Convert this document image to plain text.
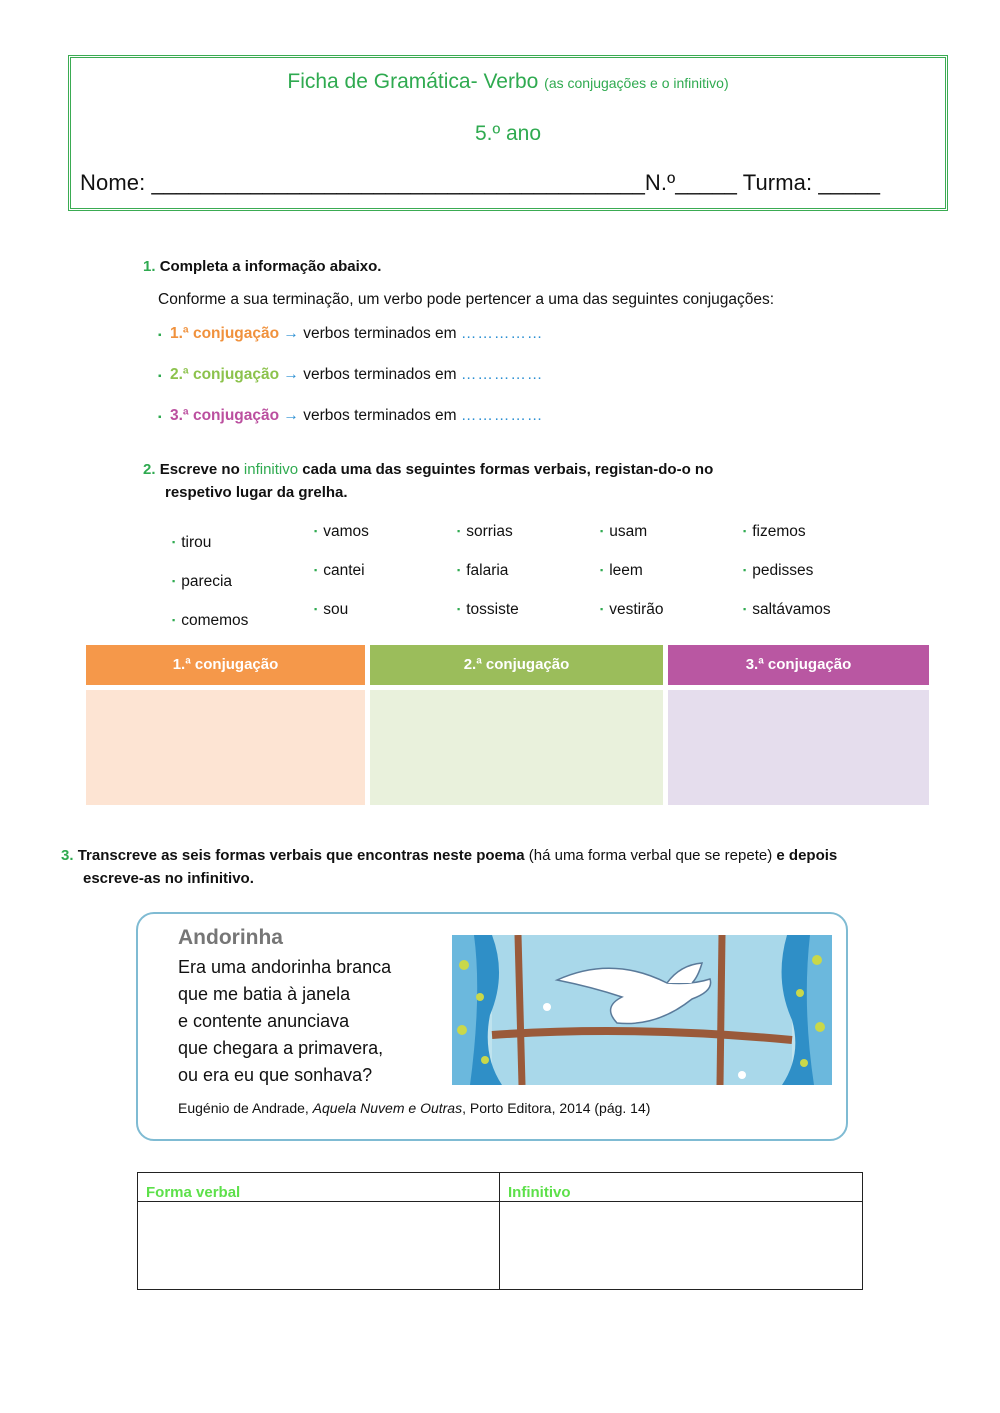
Ficha de Gramática- Verbo (as conjugações e o infinitivo)
5.º ano
Nome: ________________________________________N.º_____ Turma: _____
1. Completa a informação abaixo.
Conforme a sua terminação, um verbo pode pertencer a uma das seguintes conjugações:
▪ 1.ª conjugação → verbos terminados em ……………
▪ 2.ª conjugação → verbos terminados em ……………
▪ 3.ª conjugação → verbos terminados em ……………
2. Escreve no infinitivo cada uma das seguintes formas verbais, registan-do-o no
respetivo lugar da grelha.
▪ tirou
▪ parecia
▪ comemos
▪ vamos
▪ cantei
▪ sou
▪ sorrias
▪ falaria
▪ tossiste
▪ usam
▪ leem
▪ vestirão
▪ fizemos
▪ pedisses
▪ saltávamos
1.ª conjugação	2.ª conjugação	3.ª conjugação
3. Transcreve as seis formas verbais que encontras neste poema (há uma forma verbal que se repete) e depois
escreve-as no infinitivo.
Andorinha
Era uma andorinha branca
que me batia à janela
e contente anunciava
que chegara a primavera,
ou era eu que sonhava?
Eugénio de Andrade, Aquela Nuvem e Outras, Porto Editora, 2014 (pág. 14)
Forma verbal	Infinitivo
